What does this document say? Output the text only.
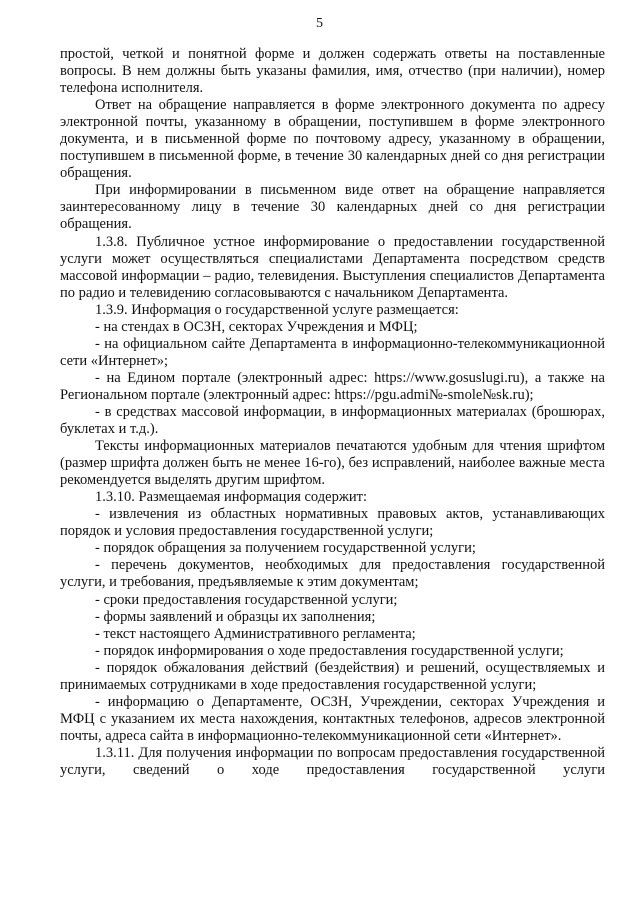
5

простой, четкой и понятной форме и должен содержать ответы на поставленные вопросы. В нем должны быть указаны фамилия, имя, отчество (при наличии), номер телефона исполнителя.

Ответ на обращение направляется в форме электронного документа по адресу электронной почты, указанному в обращении, поступившем в форме электронного документа, и в письменной форме по почтовому адресу, указанному в обращении, поступившем в письменной форме, в течение 30 календарных дней со дня регистрации обращения.

При информировании в письменном виде ответ на обращение направляется заинтересованному лицу в течение 30 календарных дней со дня регистрации обращения.

1.3.8. Публичное устное информирование о предоставлении государственной услуги может осуществляться специалистами Департамента посредством средств массовой информации – радио, телевидения. Выступления специалистов Департамента по радио и телевидению согласовываются с начальником Департамента.

1.3.9. Информация о государственной услуге размещается:

- на стендах в ОСЗН, секторах Учреждения и МФЦ;

- на официальном сайте Департамента в информационно-телекоммуникационной сети «Интернет»;

- на Едином портале (электронный адрес: https://www.gosuslugi.ru), а также на Региональном портале (электронный адрес: https://pgu.admi№-smole№sk.ru);

- в средствах массовой информации, в информационных материалах (брошюрах, буклетах и т.д.).

Тексты информационных материалов печатаются удобным для чтения шрифтом (размер шрифта должен быть не менее 16-го), без исправлений, наиболее важные места рекомендуется выделять другим шрифтом.

1.3.10. Размещаемая информация содержит:

- извлечения из областных нормативных правовых актов, устанавливающих порядок и условия предоставления государственной услуги;

- порядок обращения за получением государственной услуги;

- перечень документов, необходимых для предоставления государственной услуги, и требования, предъявляемые к этим документам;

- сроки предоставления государственной услуги;

- формы заявлений и образцы их заполнения;

- текст настоящего Административного регламента;

- порядок информирования о ходе предоставления государственной услуги;

- порядок обжалования действий (бездействия) и решений, осуществляемых и принимаемых сотрудниками в ходе предоставления государственной услуги;

- информацию о Департаменте, ОСЗН, Учреждении, секторах Учреждения и МФЦ с указанием их места нахождения, контактных телефонов, адресов электронной почты, адреса сайта в информационно-телекоммуникационной сети «Интернет».

1.3.11. Для получения информации по вопросам предоставления государственной услуги, сведений о ходе предоставления государственной услуги
